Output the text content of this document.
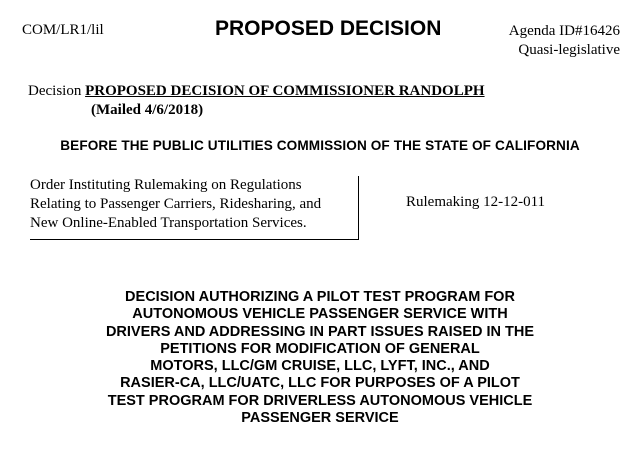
COM/LR1/lil	PROPOSED DECISION	Agenda ID#16426
Quasi-legislative
Decision PROPOSED DECISION OF COMMISSIONER RANDOLPH
(Mailed 4/6/2018)
BEFORE THE PUBLIC UTILITIES COMMISSION OF THE STATE OF CALIFORNIA
Order Instituting Rulemaking on Regulations
Relating to Passenger Carriers, Ridesharing, and
New Online-Enabled Transportation Services.
Rulemaking 12-12-011
DECISION AUTHORIZING A PILOT TEST PROGRAM FOR
AUTONOMOUS VEHICLE PASSENGER SERVICE WITH
DRIVERS AND ADDRESSING IN PART ISSUES RAISED IN THE
PETITIONS FOR MODIFICATION OF GENERAL
MOTORS, LLC/GM CRUISE, LLC, LYFT, INC., AND
RASIER-CA, LLC/UATC, LLC FOR PURPOSES OF A PILOT
TEST PROGRAM FOR DRIVERLESS AUTONOMOUS VEHICLE
PASSENGER SERVICE
